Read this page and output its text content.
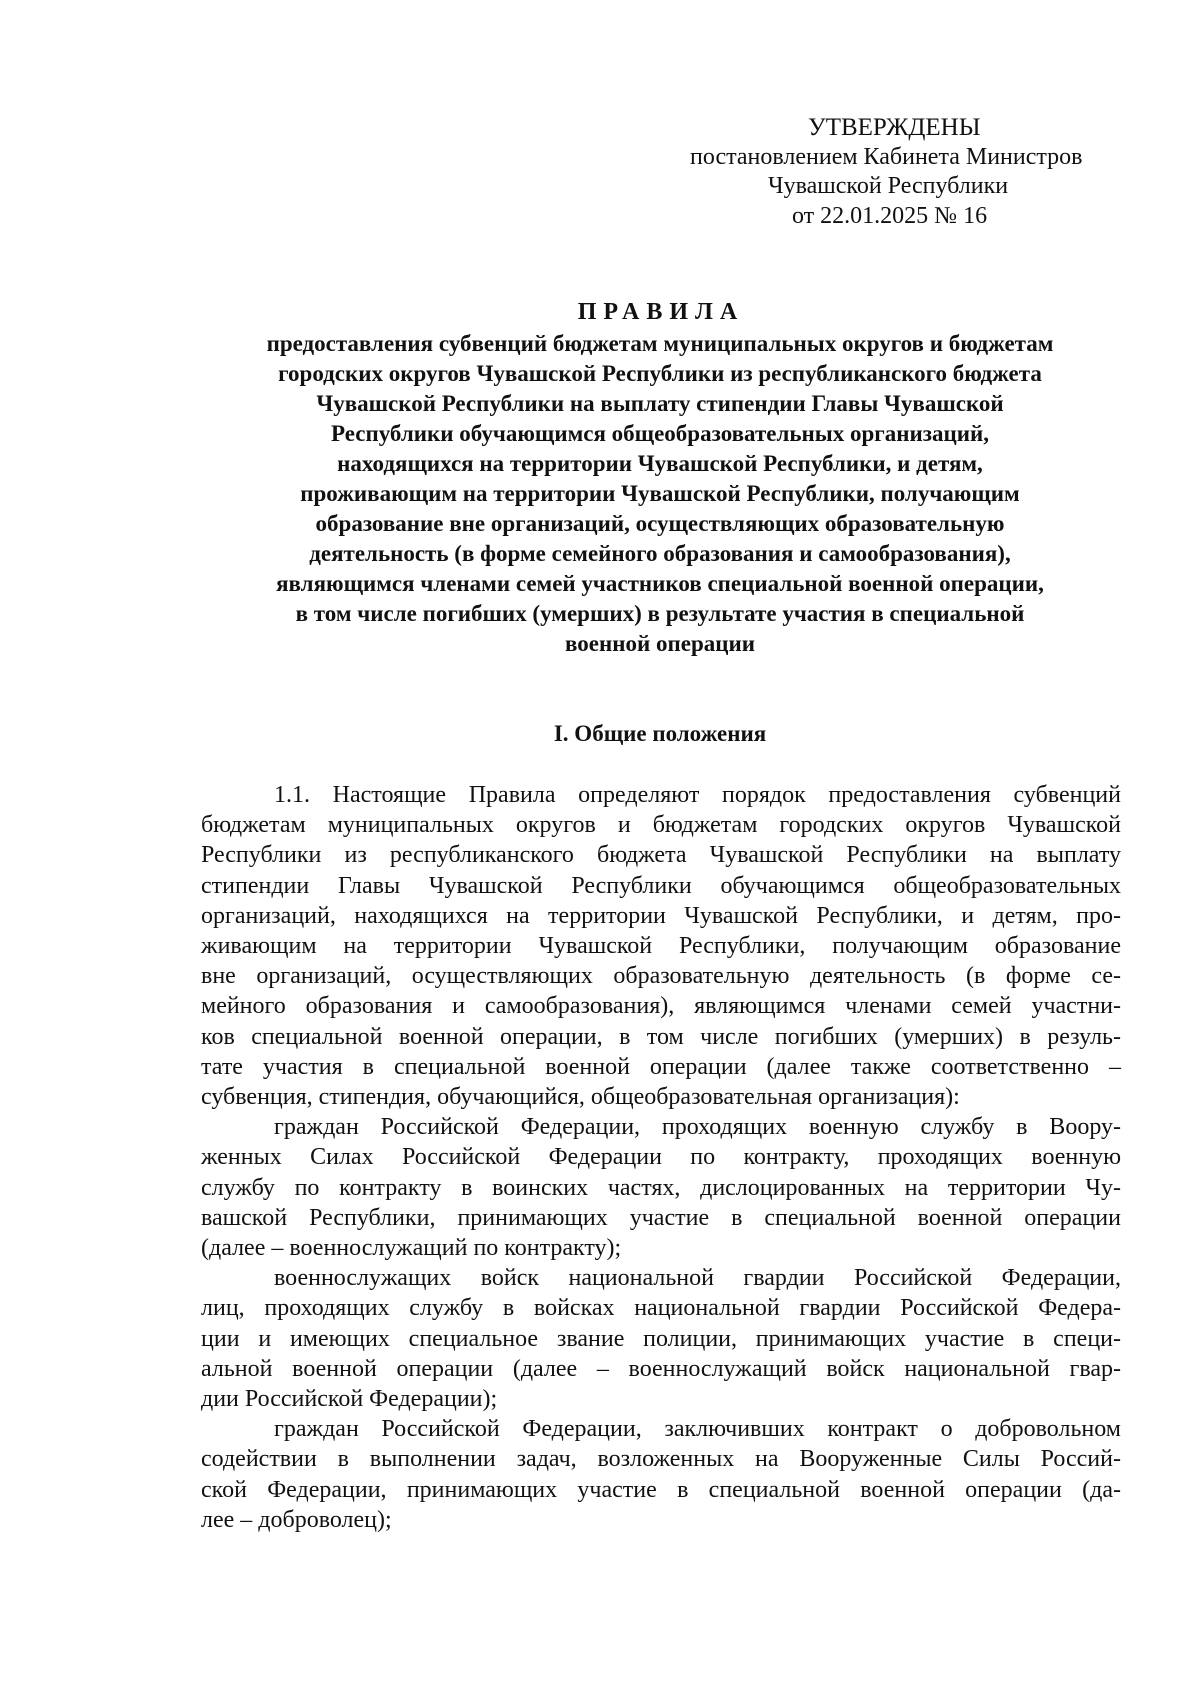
УТВЕРЖДЕНЫ
постановлением Кабинета Министров
Чувашской Республики
от 22.01.2025 № 16
ПРАВИЛА
предоставления субвенций бюджетам муниципальных округов и бюджетам
городских округов Чувашской Республики из республиканского бюджета
Чувашской Республики на выплату стипендии Главы Чувашской
Республики обучающимся общеобразовательных организаций,
находящихся на территории Чувашской Республики, и детям,
проживающим на территории Чувашской Республики, получающим
образование вне организаций, осуществляющих образовательную
деятельность (в форме семейного образования и самообразования),
являющимся членами семей участников специальной военной операции,
в том числе погибших (умерших) в результате участия в специальной
военной операции
I. Общие положения
1.1. Настоящие Правила определяют порядок предоставления субвенций
бюджетам муниципальных округов и бюджетам городских округов Чувашской
Республики из республиканского бюджета Чувашской Республики на выплату
стипендии Главы Чувашской Республики обучающимся общеобразовательных
организаций, находящихся на территории Чувашской Республики, и детям, про-
живающим на территории Чувашской Республики, получающим образование
вне организаций, осуществляющих образовательную деятельность (в форме се-
мейного образования и самообразования), являющимся членами семей участни-
ков специальной военной операции, в том числе погибших (умерших) в резуль-
тате участия в специальной военной операции (далее также соответственно –
субвенция, стипендия, обучающийся, общеобразовательная организация):
граждан Российской Федерации, проходящих военную службу в Воору-
женных Силах Российской Федерации по контракту, проходящих военную
службу по контракту в воинских частях, дислоцированных на территории Чу-
вашской Республики, принимающих участие в специальной военной операции
(далее – военнослужащий по контракту);
военнослужащих войск национальной гвардии Российской Федерации,
лиц, проходящих службу в войсках национальной гвардии Российской Федера-
ции и имеющих специальное звание полиции, принимающих участие в специ-
альной военной операции (далее – военнослужащий войск национальной гвар-
дии Российской Федерации);
граждан Российской Федерации, заключивших контракт о добровольном
содействии в выполнении задач, возложенных на Вооруженные Силы Россий-
ской Федерации, принимающих участие в специальной военной операции (да-
лее – доброволец);
